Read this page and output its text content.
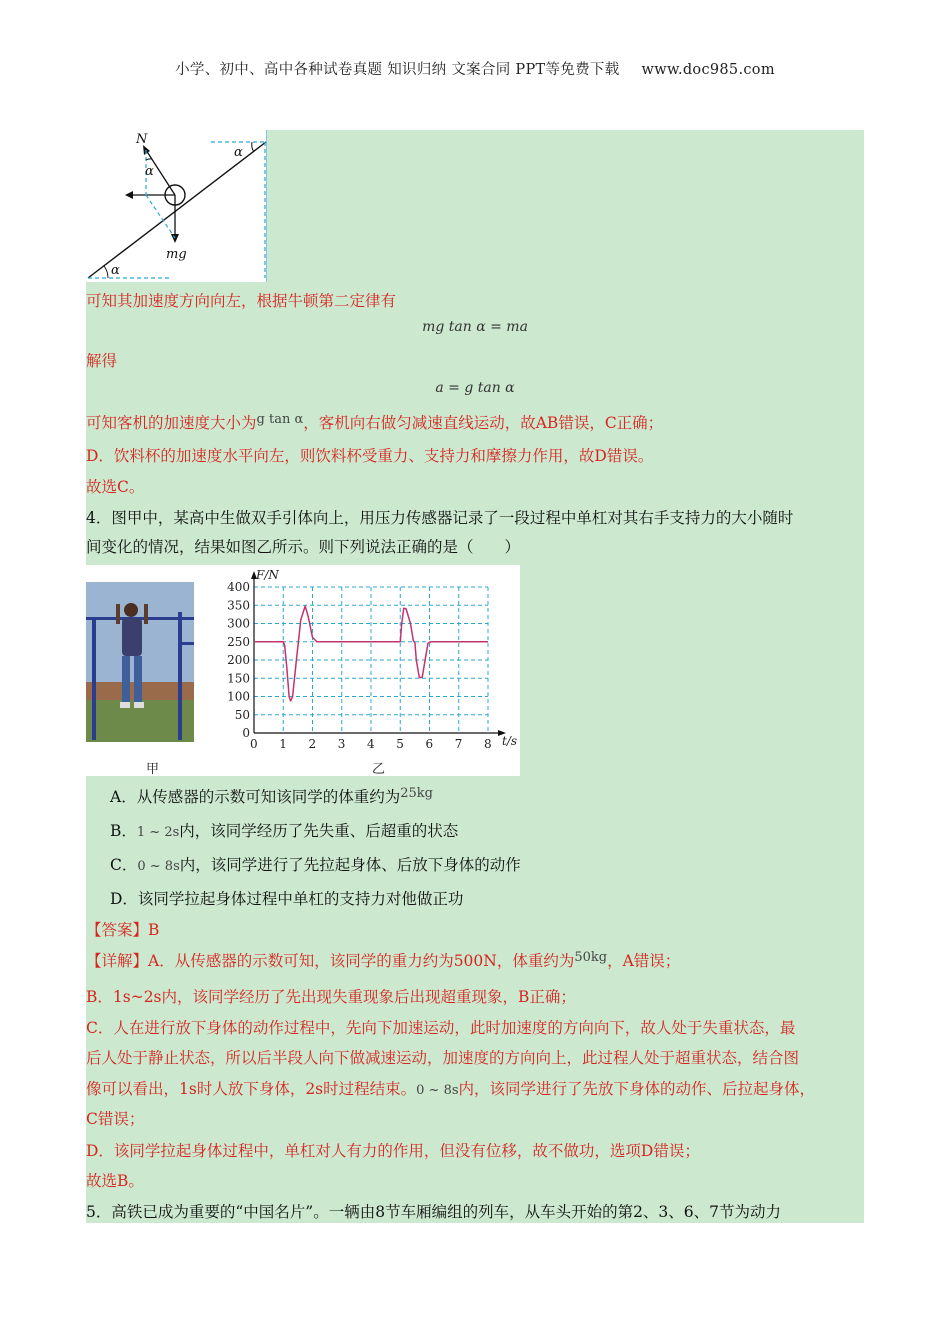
小学、初中、高中各种试卷真题 知识归纳 文案合同 PPT等免费下载 www.doc985.com
N
α
α
α
mg
可知其加速度方向向左，根据牛顿第二定律有
mg tan α = ma
解得
a = g tan α
可知客机的加速度大小为$^{g tan \alpha}$，客机向右做匀减速直线运动，故AB错误，C正确；
D．饮料杯的加速度水平向左，则饮料杯受重力、支持力和摩擦力作用，故D错误。
故选C。
4．图甲中，某高中生做双手引体向上，用压力传感器记录了一段过程中单杠对其右手支持力的大小随时
间变化的情况，结果如图乙所示。则下列说法正确的是（　　）
甲	乙
0 1 2 3 4 5 6 7 8
0
50
100
150
200
250
300
350
400
F/N
t/s
A．从传感器的示数可知该同学的体重约为$^{25kg}$
B．1 ~ 2s内，该同学经历了先失重、后超重的状态
C．0 ~ 8s内，该同学进行了先拉起身体、后放下身体的动作
D．该同学拉起身体过程中单杠的支持力对他做正功
【答案】B
【详解】A．从传感器的示数可知，该同学的重力约为500N，体重约为$^{50kg}$，A错误；
B．1s~2s内，该同学经历了先出现失重现象后出现超重现象，B正确；
C．人在进行放下身体的动作过程中，先向下加速运动，此时加速度的方向向下，故人处于失重状态，最
后人处于静止状态，所以后半段人向下做减速运动，加速度的方向向上，此过程人处于超重状态，结合图
像可以看出，1s时人放下身体，2s时过程结束。0 ~ 8s内，该同学进行了先放下身体的动作、后拉起身体，
C错误；
D．该同学拉起身体过程中，单杠对人有力的作用，但没有位移，故不做功，选项D错误；
故选B。
5．高铁已成为重要的“中国名片”。一辆由8节车厢编组的列车，从车头开始的第2、3、6、7节为动力
